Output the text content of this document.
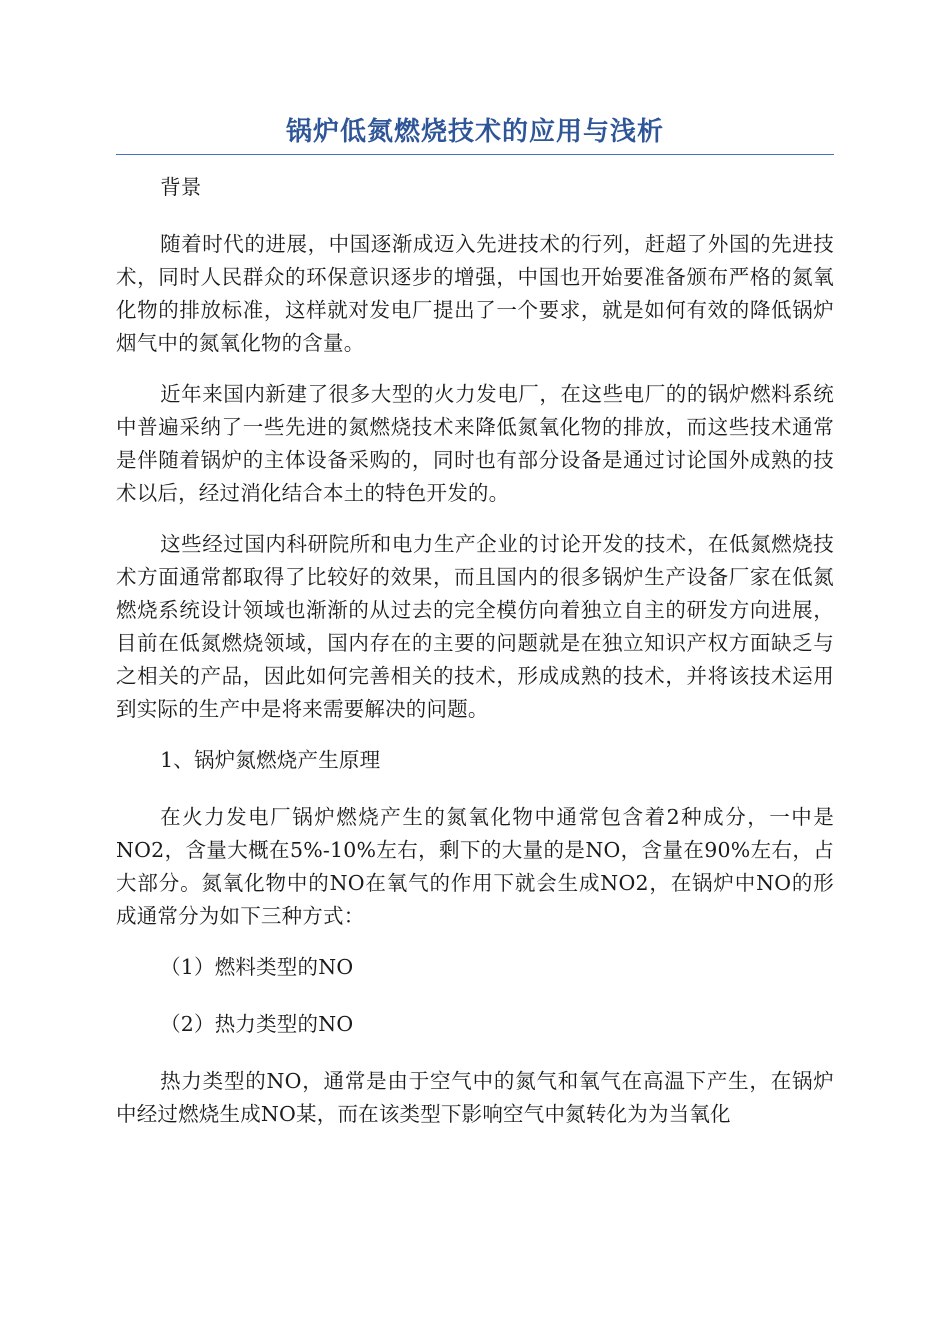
锅炉低氮燃烧技术的应用与浅析

背景

随着时代的进展，中国逐渐成迈入先进技术的行列，赶超了外国的先进技术，同时人民群众的环保意识逐步的增强，中国也开始要准备颁布严格的氮氧化物的排放标准，这样就对发电厂提出了一个要求，就是如何有效的降低锅炉烟气中的氮氧化物的含量。

近年来国内新建了很多大型的火力发电厂，在这些电厂的的锅炉燃料系统中普遍采纳了一些先进的氮燃烧技术来降低氮氧化物的排放，而这些技术通常是伴随着锅炉的主体设备采购的，同时也有部分设备是通过讨论国外成熟的技术以后，经过消化结合本土的特色开发的。

这些经过国内科研院所和电力生产企业的讨论开发的技术，在低氮燃烧技术方面通常都取得了比较好的效果，而且国内的很多锅炉生产设备厂家在低氮燃烧系统设计领域也渐渐的从过去的完全模仿向着独立自主的研发方向进展，目前在低氮燃烧领域，国内存在的主要的问题就是在独立知识产权方面缺乏与之相关的产品，因此如何完善相关的技术，形成成熟的技术，并将该技术运用到实际的生产中是将来需要解决的问题。

1、锅炉氮燃烧产生原理

在火力发电厂锅炉燃烧产生的氮氧化物中通常包含着2种成分，一中是NO2，含量大概在5%-10%左右，剩下的大量的是NO，含量在90%左右，占大部分。氮氧化物中的NO在氧气的作用下就会生成NO2，在锅炉中NO的形成通常分为如下三种方式：

（1）燃料类型的NO

（2）热力类型的NO

热力类型的NO，通常是由于空气中的氮气和氧气在高温下产生，在锅炉中经过燃烧生成NO某，而在该类型下影响空气中氮转化为为当氧化
